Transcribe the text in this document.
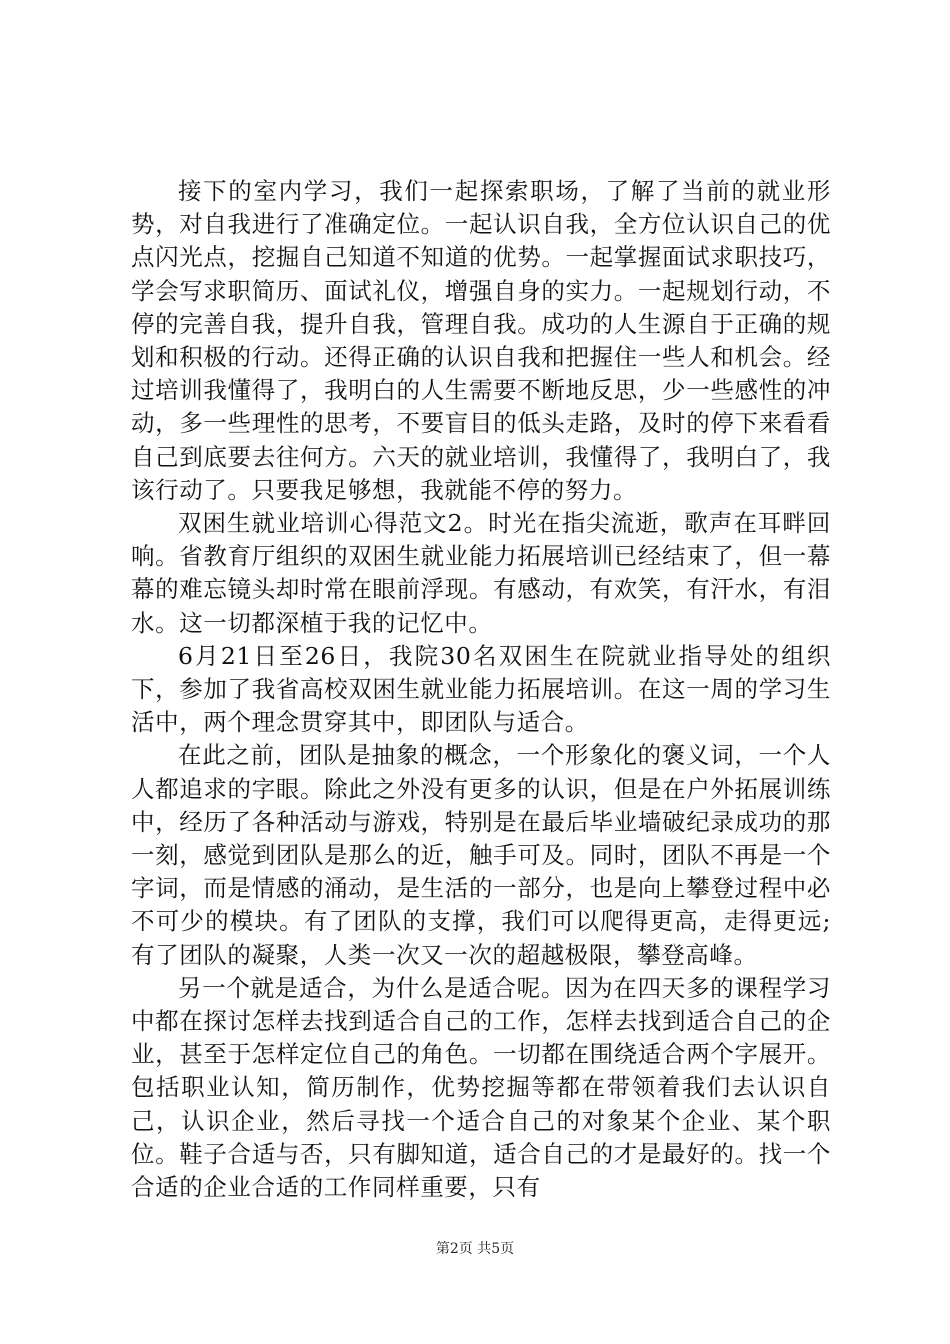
接下的室内学习，我们一起探索职场，了解了当前的就业形势，对自我进行了准确定位。一起认识自我，全方位认识自己的优点闪光点，挖掘自己知道不知道的优势。一起掌握面试求职技巧，学会写求职简历、面试礼仪，增强自身的实力。一起规划行动，不停的完善自我，提升自我，管理自我。成功的人生源自于正确的规划和积极的行动。还得正确的认识自我和把握住一些人和机会。经过培训我懂得了，我明白的人生需要不断地反思，少一些感性的冲动，多一些理性的思考，不要盲目的低头走路，及时的停下来看看自己到底要去往何方。六天的就业培训，我懂得了，我明白了，我该行动了。只要我足够想，我就能不停的努力。

双困生就业培训心得范文2。时光在指尖流逝，歌声在耳畔回响。省教育厅组织的双困生就业能力拓展培训已经结束了，但一幕幕的难忘镜头却时常在眼前浮现。有感动，有欢笑，有汗水，有泪水。这一切都深植于我的记忆中。

6月21日至26日，我院30名双困生在院就业指导处的组织下，参加了我省高校双困生就业能力拓展培训。在这一周的学习生活中，两个理念贯穿其中，即团队与适合。

在此之前，团队是抽象的概念，一个形象化的褒义词，一个人人都追求的字眼。除此之外没有更多的认识，但是在户外拓展训练中，经历了各种活动与游戏，特别是在最后毕业墙破纪录成功的那一刻，感觉到团队是那么的近，触手可及。同时，团队不再是一个字词，而是情感的涌动，是生活的一部分，也是向上攀登过程中必不可少的模块。有了团队的支撑，我们可以爬得更高，走得更远;有了团队的凝聚，人类一次又一次的超越极限，攀登高峰。

另一个就是适合，为什么是适合呢。因为在四天多的课程学习中都在探讨怎样去找到适合自己的工作，怎样去找到适合自己的企业，甚至于怎样定位自己的角色。一切都在围绕适合两个字展开。包括职业认知，简历制作，优势挖掘等都在带领着我们去认识自己，认识企业，然后寻找一个适合自己的对象某个企业、某个职位。鞋子合适与否，只有脚知道，适合自己的才是最好的。找一个合适的企业合适的工作同样重要，只有

第2页 共5页
